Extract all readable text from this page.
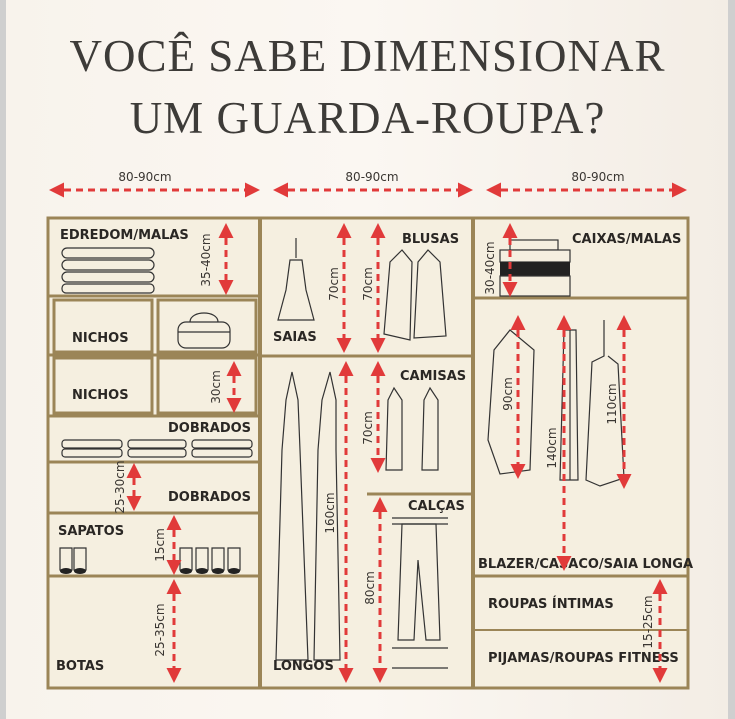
VOCÊ SABE DIMENSIONAR
UM GUARDA-ROUPA?
80-90cm	80-90cm	80-90cm
EDREDOM/MALAS
NICHOS
NICHOS
DOBRADOS
DOBRADOS
SAPATOS
BOTAS
SAIAS
BLUSAS
CAMISAS
CALÇAS
LONGOS
CAIXAS/MALAS
BLAZER/CASACO/SAIA LONGA
ROUPAS ÍNTIMAS
PIJAMAS/ROUPAS FITNESS
35-40cm
30cm
25-30cm
15cm
25-35cm
70cm 70cm
70cm
160cm
80cm
30-40cm
90cm
140cm
110cm
15-25cm
